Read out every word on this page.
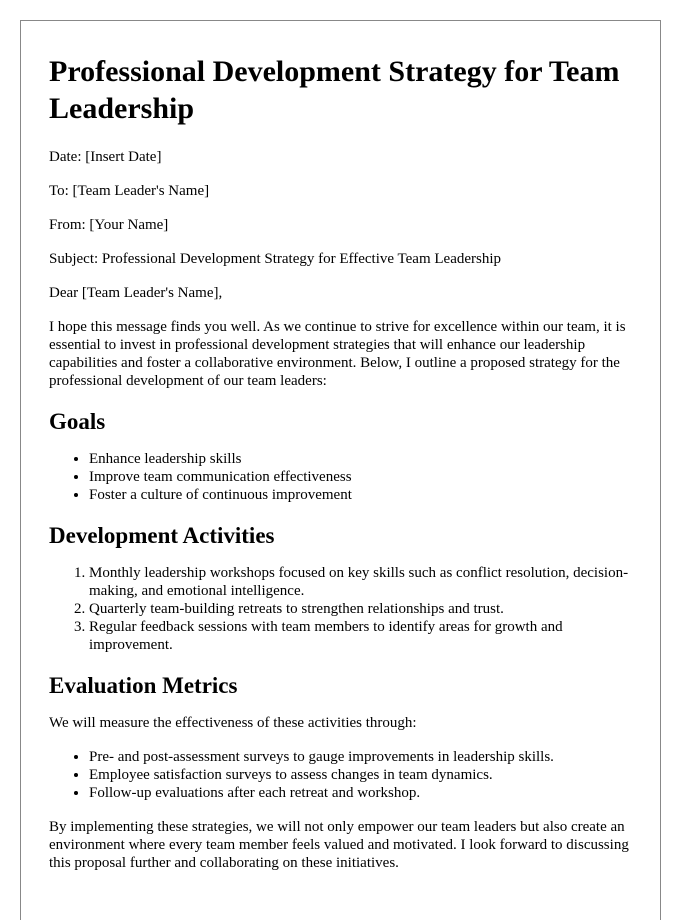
Professional Development Strategy for Team Leadership

Date: [Insert Date]

To: [Team Leader's Name]

From: [Your Name]

Subject: Professional Development Strategy for Effective Team Leadership

Dear [Team Leader's Name],

I hope this message finds you well. As we continue to strive for excellence within our team, it is essential to invest in professional development strategies that will enhance our leadership capabilities and foster a collaborative environment. Below, I outline a proposed strategy for the professional development of our team leaders:

Goals
• Enhance leadership skills
• Improve team communication effectiveness
• Foster a culture of continuous improvement
Development Activities
1. Monthly leadership workshops focused on key skills such as conflict resolution, decision-making, and emotional intelligence.
2. Quarterly team-building retreats to strengthen relationships and trust.
3. Regular feedback sessions with team members to identify areas for growth and improvement.
Evaluation Metrics

We will measure the effectiveness of these activities through:

• Pre- and post-assessment surveys to gauge improvements in leadership skills.
• Employee satisfaction surveys to assess changes in team dynamics.
• Follow-up evaluations after each retreat and workshop.

By implementing these strategies, we will not only empower our team leaders but also create an environment where every team member feels valued and motivated. I look forward to discussing this proposal further and collaborating on these initiatives.
